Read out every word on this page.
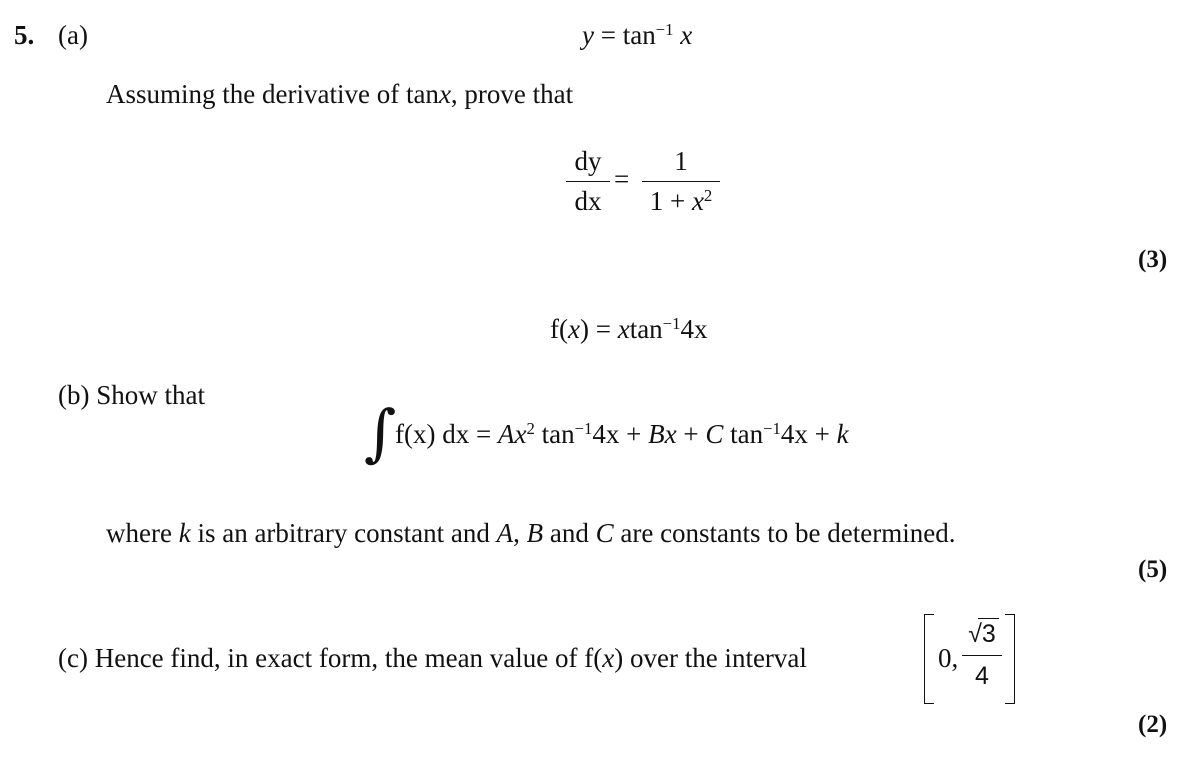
5. (a)	$y = \tan^{-1} x$
Assuming the derivative of tanx, prove that
dy
dx
=
1
$1 + x^2$
(3)
f(x) = xtan$^{-1}$4x
(b) Show that
∫
f(x) dx = $Ax^2$ $\tan^{-1}4x + Bx + C$ $\tan^{-1}4x + k$
where k is an arbitrary constant and A, B and C are constants to be determined.
(5)
(c) Hence find, in exact form, the mean value of f(x) over the interval	0,
√3
4
(2)
